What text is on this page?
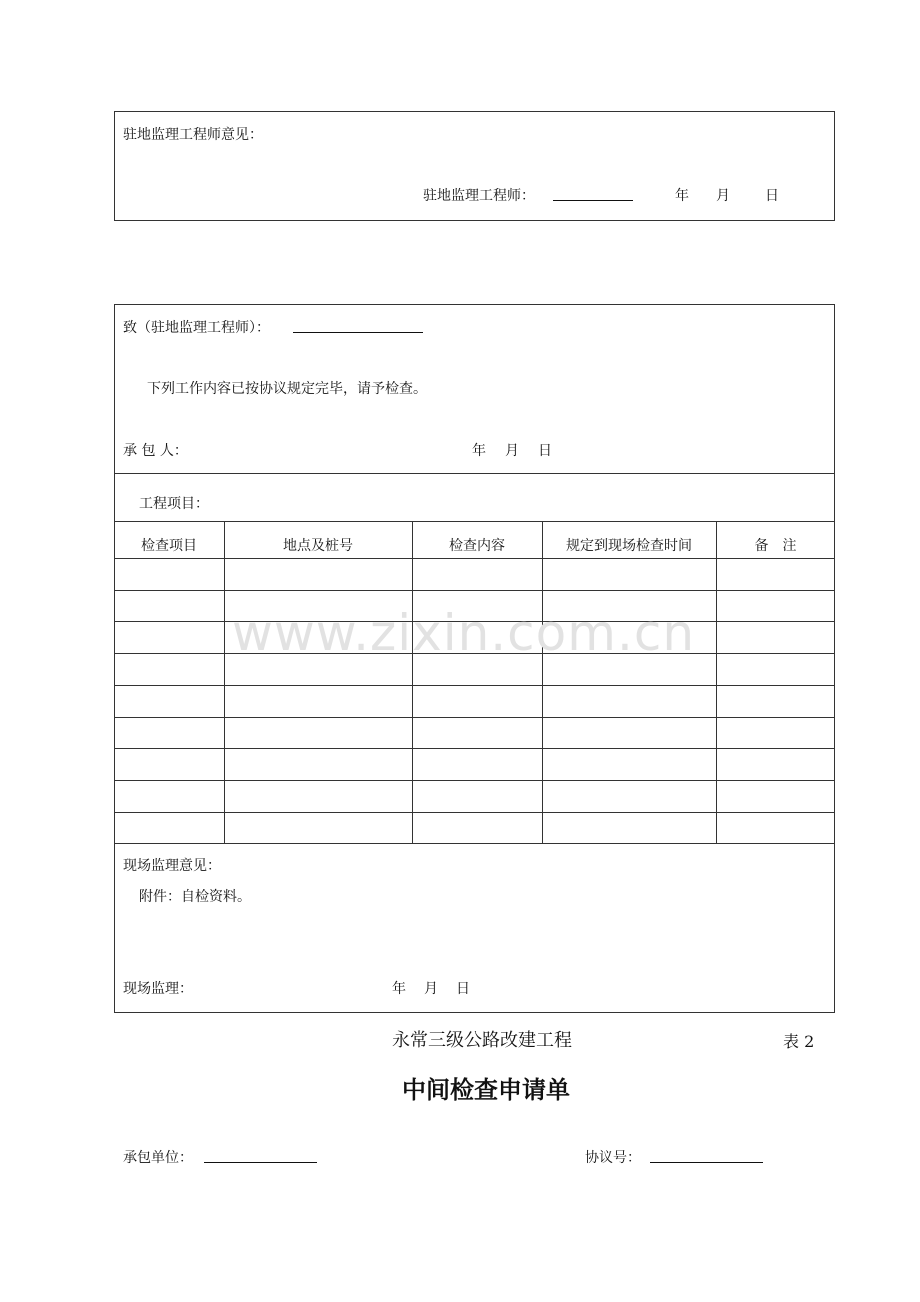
驻地监理工程师意见：
驻地监理工程师：	年 月	日
致（驻地监理工程师）：
下列工作内容已按协议规定完毕，请予检查。
承 包 人：	年 月 日
工程项目：
检查项目	地点及桩号	检查内容	规定到现场检查时间	备　注
www.zixin.com.cn
现场监理意见：
附件：自检资料。
现场监理：	年 月 日
永常三级公路改建工程	表 2
中间检查申请单
承包单位：	协议号：
